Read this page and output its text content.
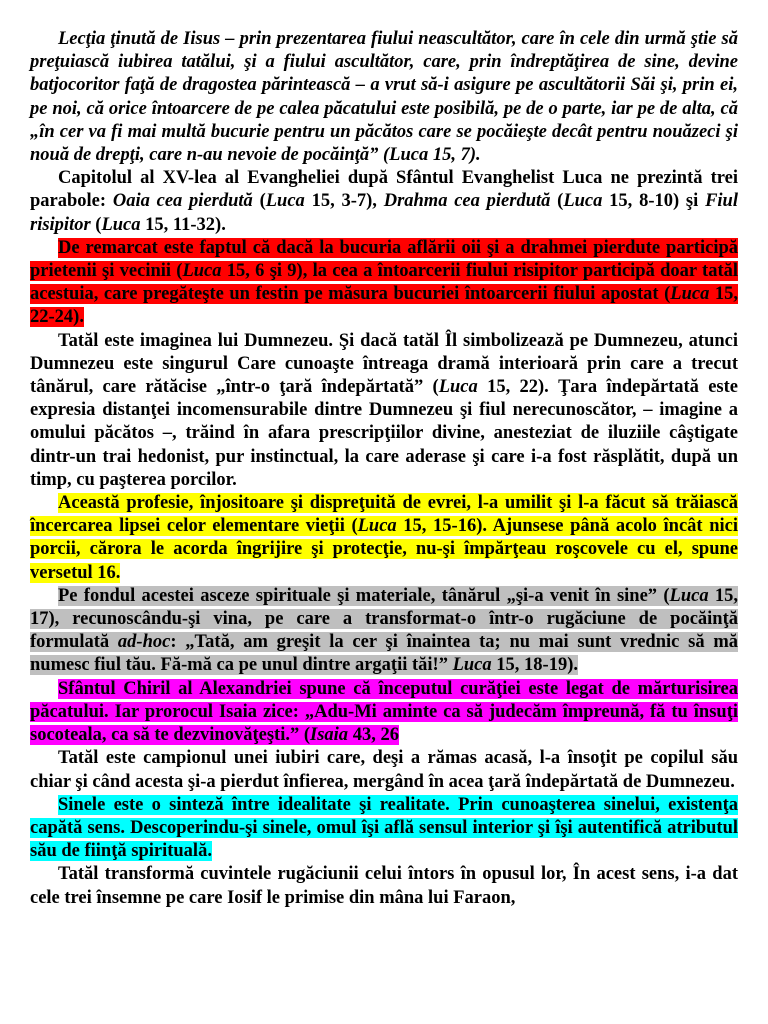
Lecţia ţinută de Iisus – prin prezentarea fiului neascultător, care în cele din urmă ştie să preţuiască iubirea tatălui, şi a fiului ascultător, care, prin îndreptăţirea de sine, devine batjocoritor faţă de dragostea părintească – a vrut să-i asigure pe ascultătorii Săi şi, prin ei, pe noi, că orice întoarcere de pe calea păcatului este posibilă, pe de o parte, iar pe de alta, că „în cer va fi mai multă bucurie pentru un păcătos care se pocăieşte decât pentru nouăzeci şi nouă de drepţi, care n-au nevoie de pocăinţă” (Luca 15, 7).

Capitolul al XV-lea al Evangheliei după Sfântul Evanghelist Luca ne prezintă trei parabole: Oaia cea pierdută (Luca 15, 3-7), Drahma cea pierdută (Luca 15, 8-10) şi Fiul risipitor (Luca 15, 11-32).

De remarcat este faptul că dacă la bucuria aflării oii şi a drahmei pierdute participă prietenii şi vecinii (Luca 15, 6 şi 9), la cea a întoarcerii fiului risipitor participă doar tatăl acestuia, care pregăteşte un festin pe măsura bucuriei întoarcerii fiului apostat (Luca 15, 22-24).

Tatăl este imaginea lui Dumnezeu. Şi dacă tatăl Îl simbolizează pe Dumnezeu, atunci Dumnezeu este singurul Care cunoaşte întreaga dramă interioară prin care a trecut tânărul, care rătăcise „într-o ţară îndepărtată” (Luca 15, 22). Ţara îndepărtată este expresia distanţei incomensurabile dintre Dumnezeu şi fiul nerecunoscător, – imagine a omului păcătos –, trăind în afara prescripţiilor divine, anesteziat de iluziile câştigate dintr-un trai hedonist, pur instinctual, la care aderase şi care i-a fost răsplătit, după un timp, cu paşterea porcilor.

Această profesie, înjositoare şi dispreţuită de evrei, l-a umilit şi l-a făcut să trăiască încercarea lipsei celor elementare vieţii (Luca 15, 15-16). Ajunsese până acolo încât nici porcii, cărora le acorda îngrijire şi protecţie, nu-şi împărţeau roşcovele cu el, spune versetul 16.

Pe fondul acestei asceze spirituale şi materiale, tânărul „şi-a venit în sine” (Luca 15, 17), recunoscându-şi vina, pe care a transformat-o într-o rugăciune de pocăinţă formulată ad-hoc: „Tată, am greşit la cer şi înaintea ta; nu mai sunt vrednic să mă numesc fiul tău. Fă-mă ca pe unul dintre argaţii tăi!” Luca 15, 18-19).

Sfântul Chiril al Alexandriei spune că începutul curăţiei este legat de mărturisirea păcatului. Iar prorocul Isaia zice: „Adu-Mi aminte ca să judecăm împreună, fă tu însuţi socoteala, ca să te dezvinovăţeşti.” (Isaia 43, 26

Tatăl este campionul unei iubiri care, deşi a rămas acasă, l-a însoţit pe copilul său chiar şi când acesta şi-a pierdut înfierea, mergând în acea ţară îndepărtată de Dumnezeu.

Sinele este o sinteză între idealitate şi realitate. Prin cunoaşterea sinelui, existenţa capătă sens. Descoperindu-şi sinele, omul îşi află sensul interior şi îşi autentifică atributul său de fiinţă spirituală.

Tatăl transformă cuvintele rugăciunii celui întors în opusul lor, În acest sens, i-a dat cele trei însemne pe care Iosif le primise din mâna lui Faraon,
